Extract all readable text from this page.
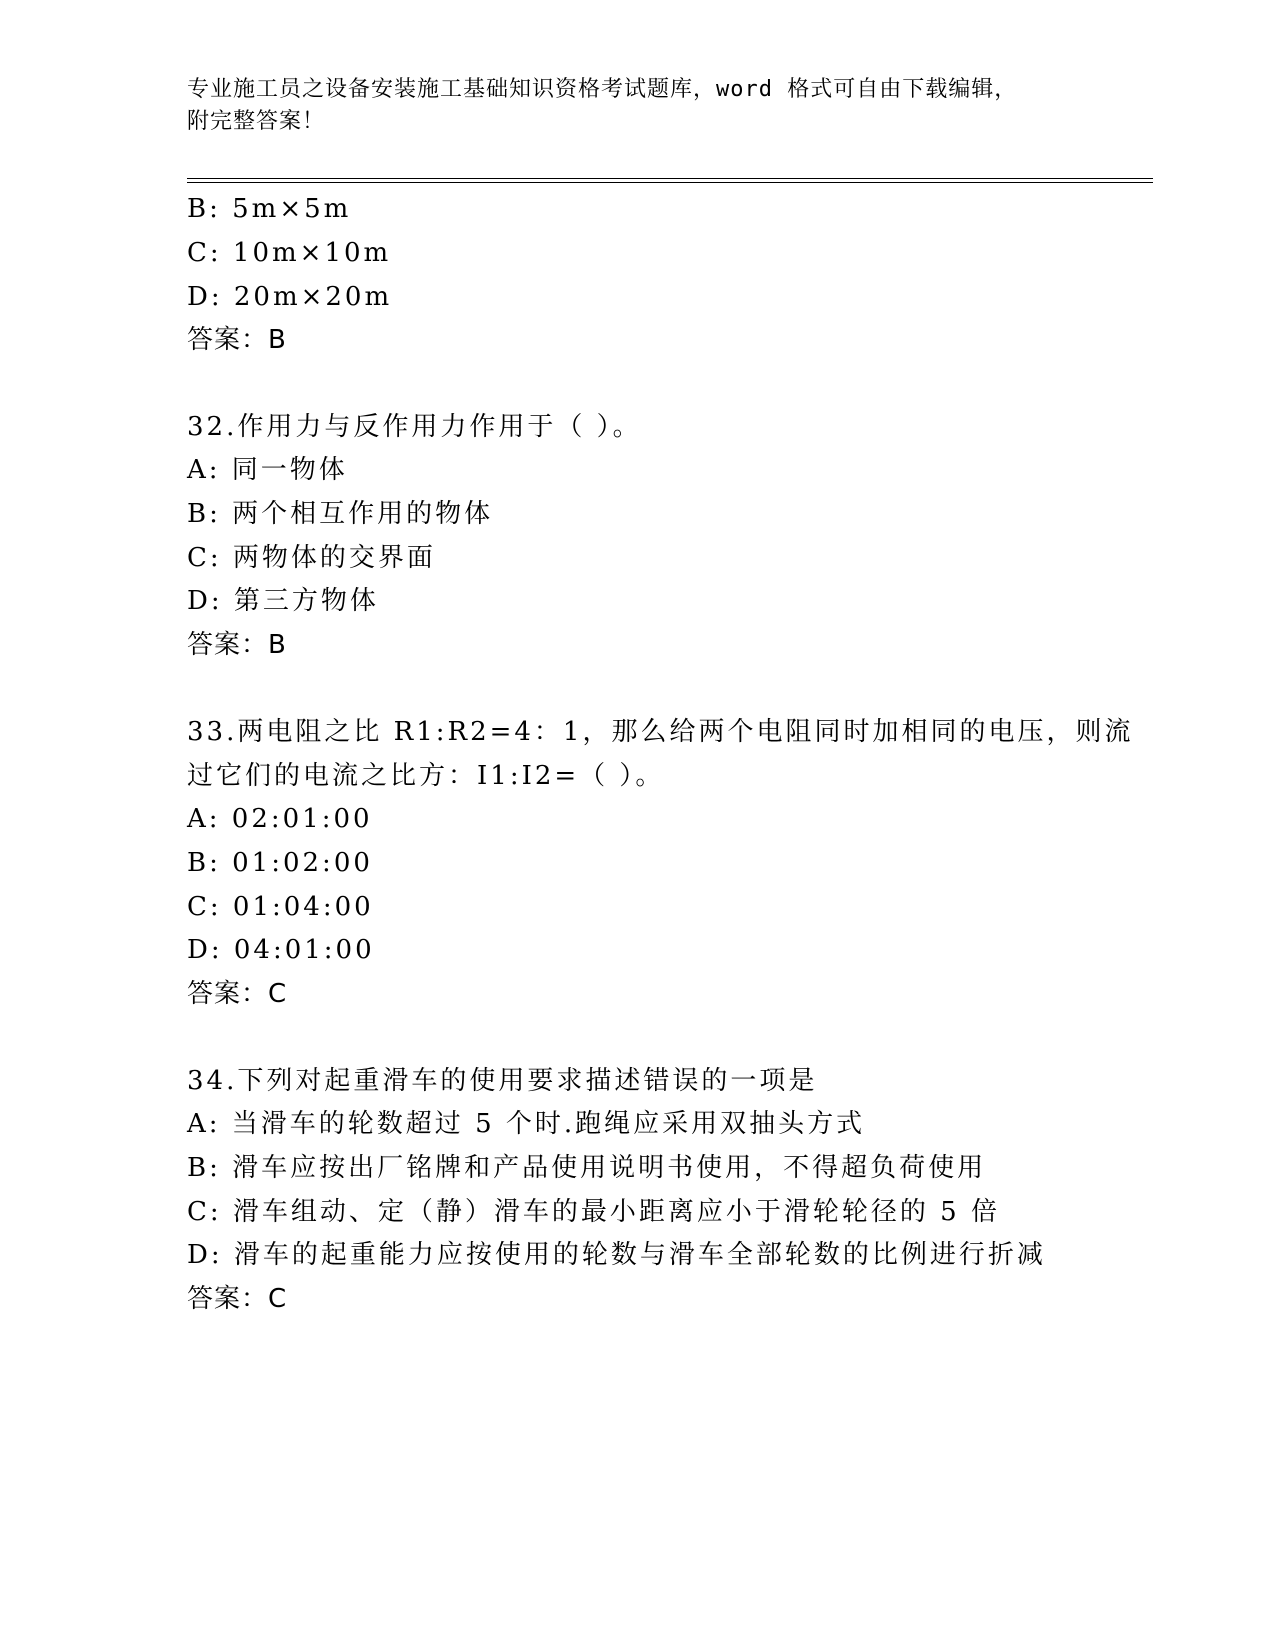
专业施工员之设备安装施工基础知识资格考试题库，word 格式可自由下载编辑，
附完整答案！
B: 5m×5m
C: 10m×10m
D: 20m×20m
答案：B
32.作用力与反作用力作用于（ ）。
A: 同一物体
B: 两个相互作用的物体
C: 两物体的交界面
D: 第三方物体
答案：B
33.两电阻之比 R1:R2=4：1，那么给两个电阻同时加相同的电压，则流
过它们的电流之比方：I1:I2=（ ）。
A: 02:01:00
B: 01:02:00
C: 01:04:00
D: 04:01:00
答案：C
34.下列对起重滑车的使用要求描述错误的一项是
A: 当滑车的轮数超过 5 个时.跑绳应采用双抽头方式
B: 滑车应按出厂铭牌和产品使用说明书使用，不得超负荷使用
C: 滑车组动、定（静）滑车的最小距离应小于滑轮轮径的 5 倍
D: 滑车的起重能力应按使用的轮数与滑车全部轮数的比例进行折减
答案：C
